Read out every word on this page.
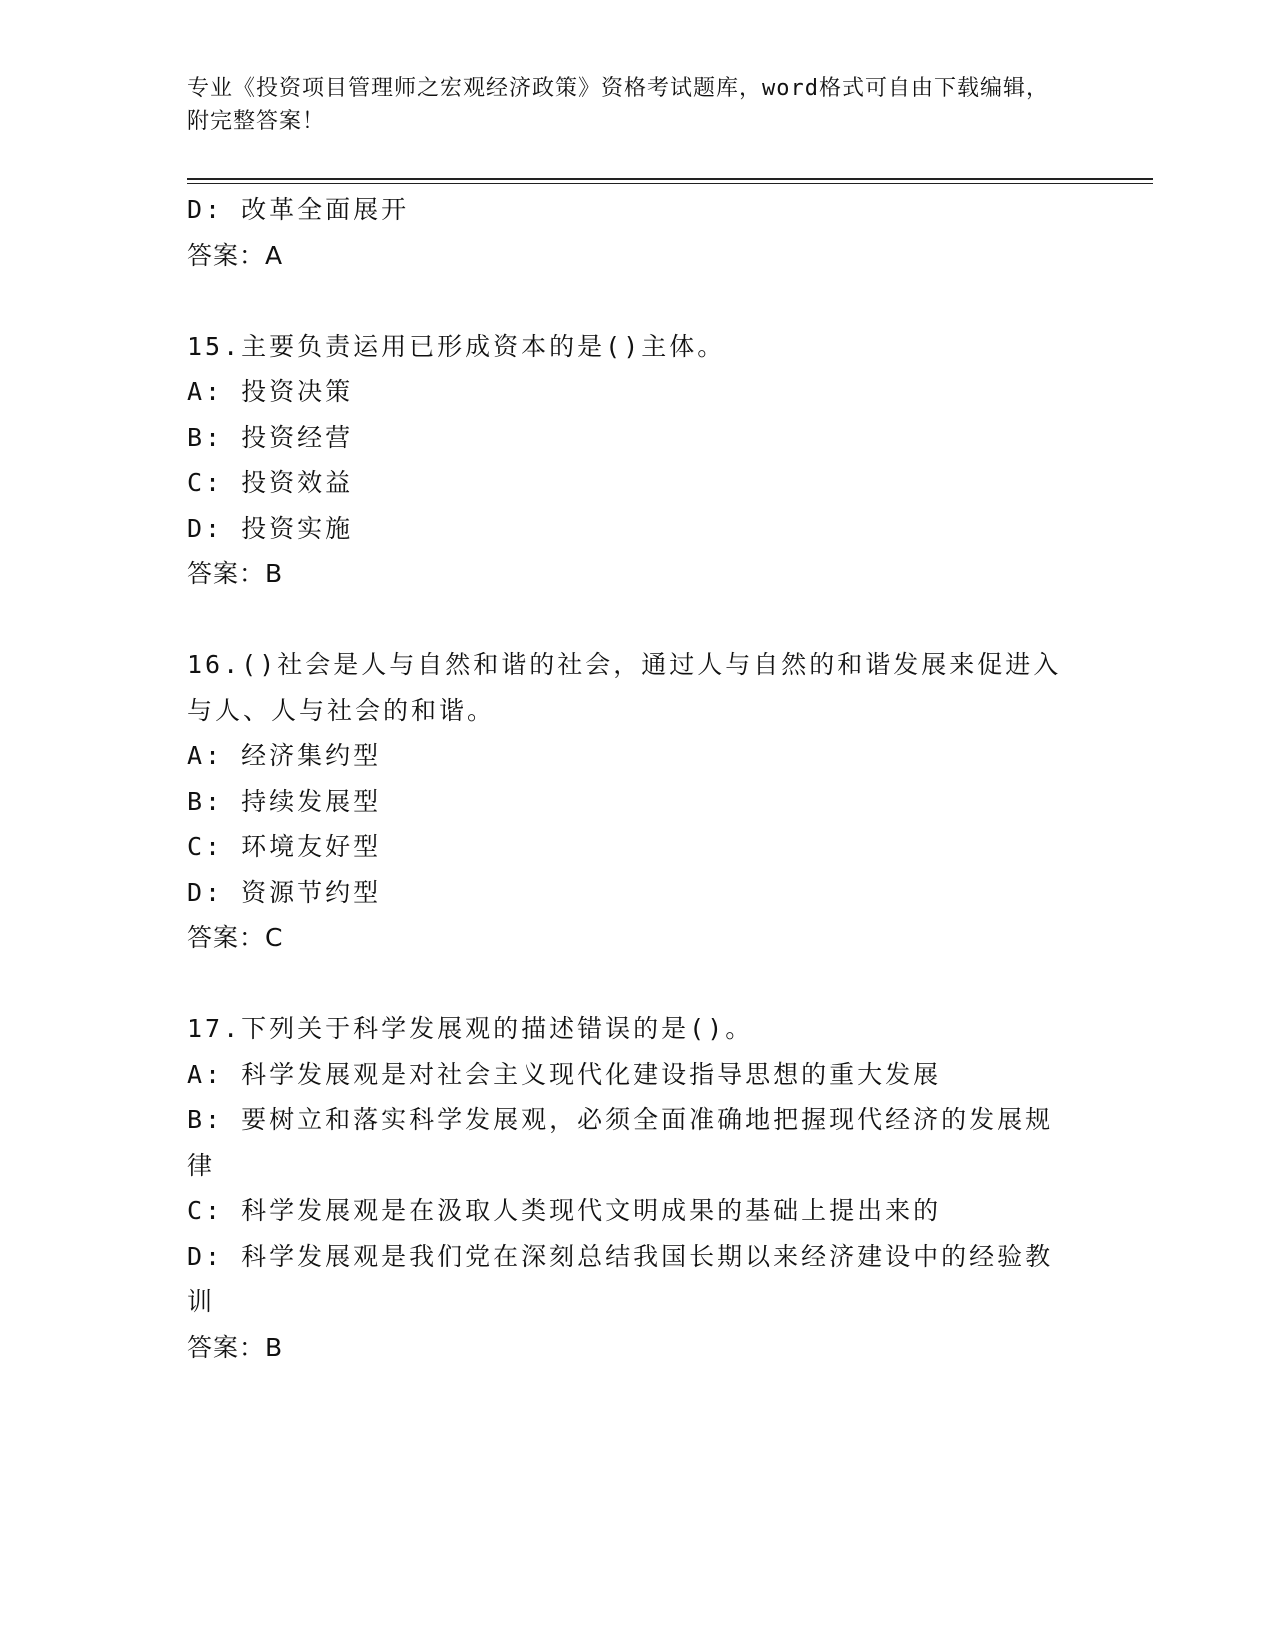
专业《投资项目管理师之宏观经济政策》资格考试题库，word格式可自由下载编辑，附完整答案！
D: 改革全面展开
答案：A
15.主要负责运用已形成资本的是()主体。
A: 投资决策
B: 投资经营
C: 投资效益
D: 投资实施
答案：B
16.()社会是人与自然和谐的社会，通过人与自然的和谐发展来促进入与人、人与社会的和谐。
A: 经济集约型
B: 持续发展型
C: 环境友好型
D: 资源节约型
答案：C
17.下列关于科学发展观的描述错误的是()。
A: 科学发展观是对社会主义现代化建设指导思想的重大发展
B: 要树立和落实科学发展观，必须全面准确地把握现代经济的发展规律
C: 科学发展观是在汲取人类现代文明成果的基础上提出来的
D: 科学发展观是我们党在深刻总结我国长期以来经济建设中的经验教训
答案：B
